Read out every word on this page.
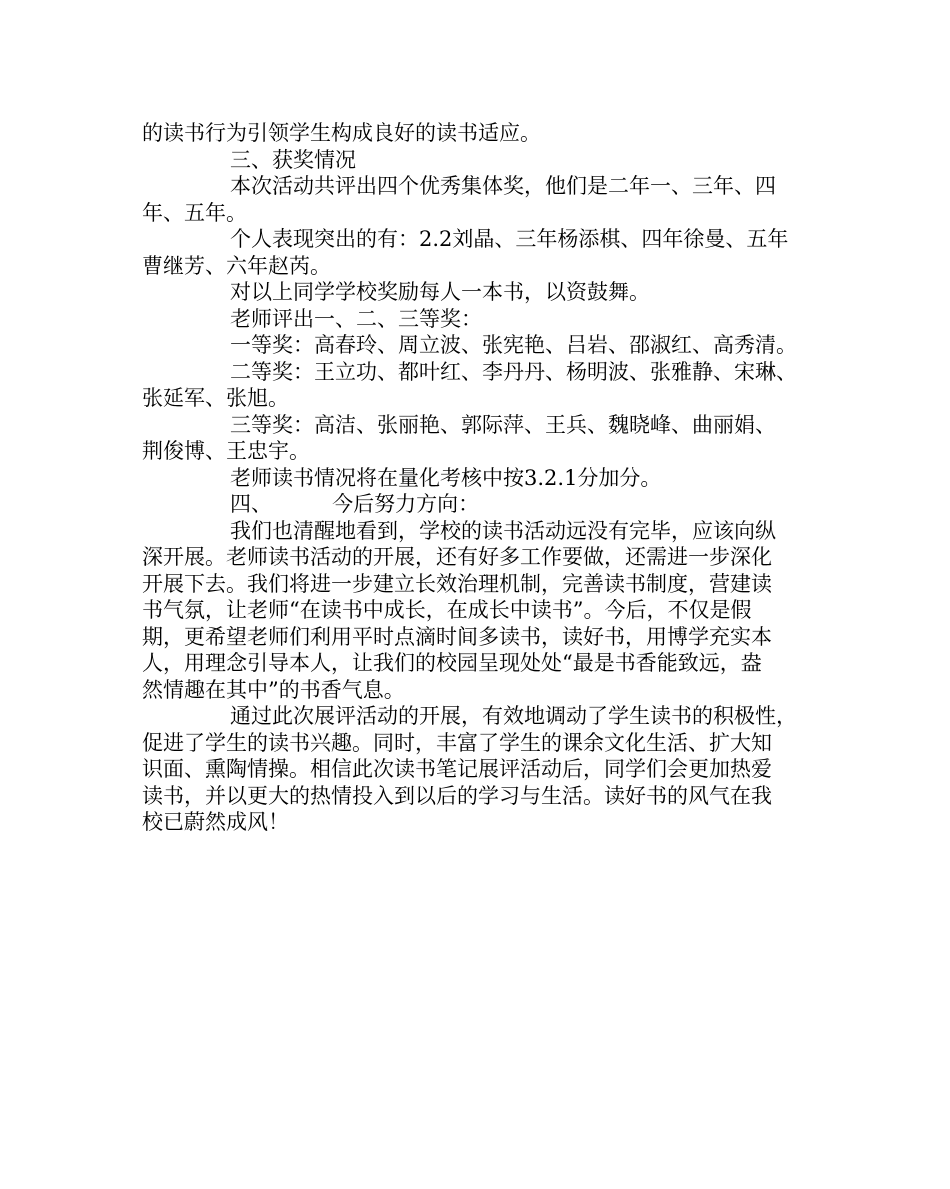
的读书行为引领学生构成良好的读书适应。
三、获奖情况
本次活动共评出四个优秀集体奖，他们是二年一、三年、四
年、五年。
个人表现突出的有：2.2刘晶、三年杨添棋、四年徐曼、五年
曹继芳、六年赵芮。
对以上同学学校奖励每人一本书，以资鼓舞。
老师评出一、二、三等奖：
一等奖：高春玲、周立波、张宪艳、吕岩、邵淑红、高秀清。
二等奖：王立功、都叶红、李丹丹、杨明波、张雅静、宋琳、
张延军、张旭。
三等奖：高洁、张丽艳、郭际萍、王兵、魏晓峰、曲丽娟、
荆俊博、王忠宇。
老师读书情况将在量化考核中按3.2.1分加分。
四、         今后努力方向：
我们也清醒地看到，学校的读书活动远没有完毕，应该向纵
深开展。老师读书活动的开展，还有好多工作要做，还需进一步深化
开展下去。我们将进一步建立长效治理机制，完善读书制度，营建读
书气氛，让老师“在读书中成长，在成长中读书”。今后，不仅是假
期，更希望老师们利用平时点滴时间多读书，读好书，用博学充实本
人，用理念引导本人，让我们的校园呈现处处“最是书香能致远，盎
然情趣在其中”的书香气息。
通过此次展评活动的开展，有效地调动了学生读书的积极性，
促进了学生的读书兴趣。同时，丰富了学生的课余文化生活、扩大知
识面、熏陶情操。相信此次读书笔记展评活动后，同学们会更加热爱
读书，并以更大的热情投入到以后的学习与生活。读好书的风气在我
校已蔚然成风！
